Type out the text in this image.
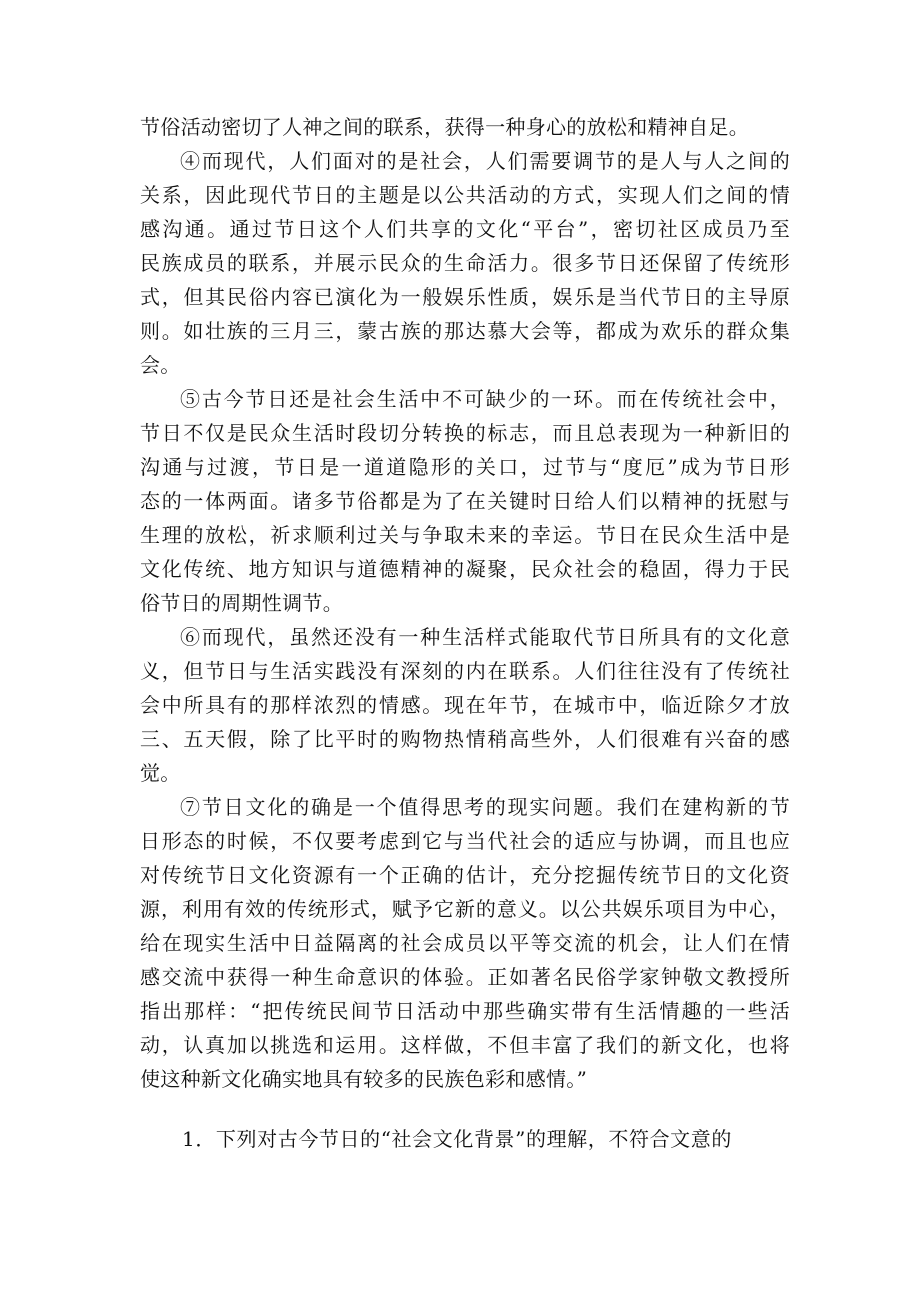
节俗活动密切了人神之间的联系，获得一种身心的放松和精神自足。
④而现代，人们面对的是社会，人们需要调节的是人与人之间的
关系，因此现代节日的主题是以公共活动的方式，实现人们之间的情
感沟通。通过节日这个人们共享的文化“平台”，密切社区成员乃至
民族成员的联系，并展示民众的生命活力。很多节日还保留了传统形
式，但其民俗内容已演化为一般娱乐性质，娱乐是当代节日的主导原
则。如壮族的三月三，蒙古族的那达慕大会等，都成为欢乐的群众集
会。
⑤古今节日还是社会生活中不可缺少的一环。而在传统社会中，
节日不仅是民众生活时段切分转换的标志，而且总表现为一种新旧的
沟通与过渡，节日是一道道隐形的关口，过节与“度厄”成为节日形
态的一体两面。诸多节俗都是为了在关键时日给人们以精神的抚慰与
生理的放松，祈求顺利过关与争取未来的幸运。节日在民众生活中是
文化传统、地方知识与道德精神的凝聚，民众社会的稳固，得力于民
俗节日的周期性调节。
⑥而现代，虽然还没有一种生活样式能取代节日所具有的文化意
义，但节日与生活实践没有深刻的内在联系。人们往往没有了传统社
会中所具有的那样浓烈的情感。现在年节，在城市中，临近除夕才放
三、五天假，除了比平时的购物热情稍高些外，人们很难有兴奋的感
觉。
⑦节日文化的确是一个值得思考的现实问题。我们在建构新的节
日形态的时候，不仅要考虑到它与当代社会的适应与协调，而且也应
对传统节日文化资源有一个正确的估计，充分挖掘传统节日的文化资
源，利用有效的传统形式，赋予它新的意义。以公共娱乐项目为中心，
给在现实生活中日益隔离的社会成员以平等交流的机会，让人们在情
感交流中获得一种生命意识的体验。正如著名民俗学家钟敬文教授所
指出那样：“把传统民间节日活动中那些确实带有生活情趣的一些活
动，认真加以挑选和运用。这样做，不但丰富了我们的新文化，也将
使这种新文化确实地具有较多的民族色彩和感情。”
1．下列对古今节日的“社会文化背景”的理解，不符合文意的
